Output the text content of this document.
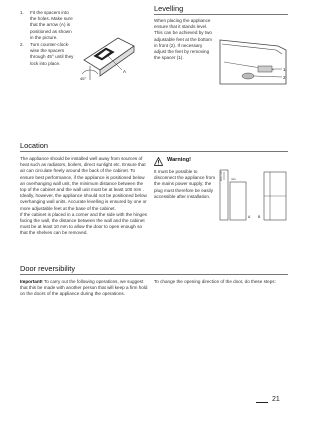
1. Fit the spacers into the holes. Make sure that the arrow (A) is positioned as shown in the picture.
2. Turn counter-clock-wise the spacers through 45° until they lock into place.
45°
A
Levelling

When placing the appliance ensure that it stands level. This can be achieved by two adjustable feet at the bottom in front (2). If necessary adjust the feet by removing the spacer (1).

1
2
Location

The appliance should be installed well away from sources of heat such as radiators, boilers, direct sunlight etc. Ensure that air can circulate freely around the back of the cabinet. To ensure best performance, if the appliance is positioned below an overhanging wall unit, the minimum distance between the top of the cabinet and the wall unit must be at least 100 mm . Ideally, however, the appliance should not be positioned below overhanging wall units. Accurate levelling is ensured by one or more adjustable feet at the base of the cabinet.
If the cabinet is placed in a corner and the side with the hinges facing the wall, the distance between the wall and the cabinet must be at least 10 mm to allow the door to open enough so that the shelves can be removed.

Warning!

It must be possible to disconnect the appliance from the mains power supply; the plug must therefore be easily accessible after installation.

100 mm	min
A B
Door reversibility

Important! To carry out the following operations, we suggest that this be made with another person that will keep a firm hold on the doors of the appliance during the operations.

To change the opening direction of the door, do these steps:

21
